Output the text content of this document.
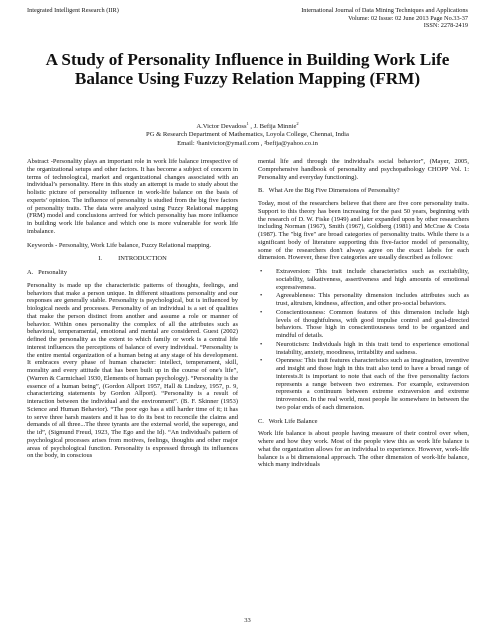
Integrated Intelligent Research (IIR)	International Journal of Data Mining Techniques and Applications
Volume: 02 Issue: 02 June 2013 Page No.33-37
ISSN: 2278-2419
A Study of Personality Influence in Building Work Life Balance Using Fuzzy Relation Mapping (FRM)
A.Victor Devadoss$^1$ , J. Befija Minnie$^2$
PG & Research Department of Mathematics, Loyola College, Chennai, India
Email: ¹hanivictor@ymail.com , ²befija@yahoo.co.in

Abstract -Personality plays an important role in work life balance irrespective of the organizational setups and other factors. It has become a subject of concern in terms of technological, market and organizational changes associated with an individual’s personality. Here in this study an attempt is made to study about the holistic picture of personality influence in work-life balance on the basis of experts’ opinion. The influence of personality is studied from the big five factors of personality traits. The data were analyzed using Fuzzy Relational mapping (FRM) model and conclusions arrived for which personality has more influence in building work life balance and which one is more vulnerable for work life imbalance.

Keywords - Personality, Work Life balance, Fuzzy Relational mapping.

I.          INTRODUCTION
A.   Personality

Personality is made up the characteristic patterns of thoughts, feelings, and behaviors that make a person unique. In different situations personality and our responses are generally stable. Personality is psychological, but is influenced by biological needs and processes. Personality of an individual is a set of qualities that make the person distinct from another and assume a role or manner of behavior. Within ones personality the complex of all the attributes such as behavioral, temperamental, emotional and mental are considered. Guest (2002) defined the personality as the extent to which family or work is a central life interest influences the perceptions of balance of every individual. “Personality is the entire mental organization of a human being at any stage of his development. It embraces every phase of human character: intellect, temperament, skill, morality and every attitude that has been built up in the course of one's life”, (Warren & Carmichael 1930, Elements of human psychology). “Personality is the essence of a human being”, (Gordon Allport 1957, Hall & Lindzey, 1957, p. 9, characterizing statements by Gordon Allport). “Personality is a result of interaction between the individual and the environment”. (B. F. Skinner (1953) Science and Human Behavior). “The poor ego has a still harder time of it; it has to serve three harsh masters and it has to do its best to reconcile the claims and demands of all three...The three tyrants are the external world, the superego, and the id”, (Sigmund Freud, 1923, The Ego and the Id). “An individual's pattern of psychological processes arises from motives, feelings, thoughts and other major areas of psychological function. Personality is expressed through its influences on the body, in conscious

mental life and through the individual's social behavior”, (Mayer, 2005, Comprehensive handbook of personality and psychopathology CHOPP Vol. 1: Personality and everyday functioning).

B.   What Are the Big Five Dimensions of Personality?

Today, most of the researchers believe that there are five core personality traits. Support to this theory has been increasing for the past 50 years, beginning with the research of D. W. Fiske (1949) and later expanded upon by other researchers including Norman (1967), Smith (1967), Goldberg (1981) and McCrae & Costa (1987). The "big five" are broad categories of personality traits. While there is a significant body of literature supporting this five-factor model of personality, some of the researchers don't always agree on the exact labels for each dimension. However, these five categories are usually described as follows:

• Extraversion: This trait include characteristics such as excitability, sociability, talkativeness, assertiveness and high amounts of emotional expressiveness.
• Agreeableness: This personality dimension includes attributes such as trust, altruism, kindness, affection, and other pro-social behaviors.
• Conscientiousness: Common features of this dimension include high levels of thoughtfulness, with good impulse control and goal-directed behaviors. Those high in conscientiousness tend to be organized and mindful of details.
• Neuroticism: Individuals high in this trait tend to experience emotional instability, anxiety, moodiness, irritability and sadness.
• Openness: This trait features characteristics such as imagination, inventive and insight and those high in this trait also tend to have a broad range of interests.It is important to note that each of the five personality factors represents a range between two extremes. For example, extraversion represents a continuum between extreme extraversion and extreme introversion. In the real world, most people lie somewhere in between the two polar ends of each dimension.
C.   Work Life Balance

Work life balance is about people having measure of their control over when, where and how they work. Most of the people view this as work life balance is what the organization allows for an individual to experience. However, work-life balance is a bi dimensional approach. The other dimension of work-life balance, which many individuals

33
